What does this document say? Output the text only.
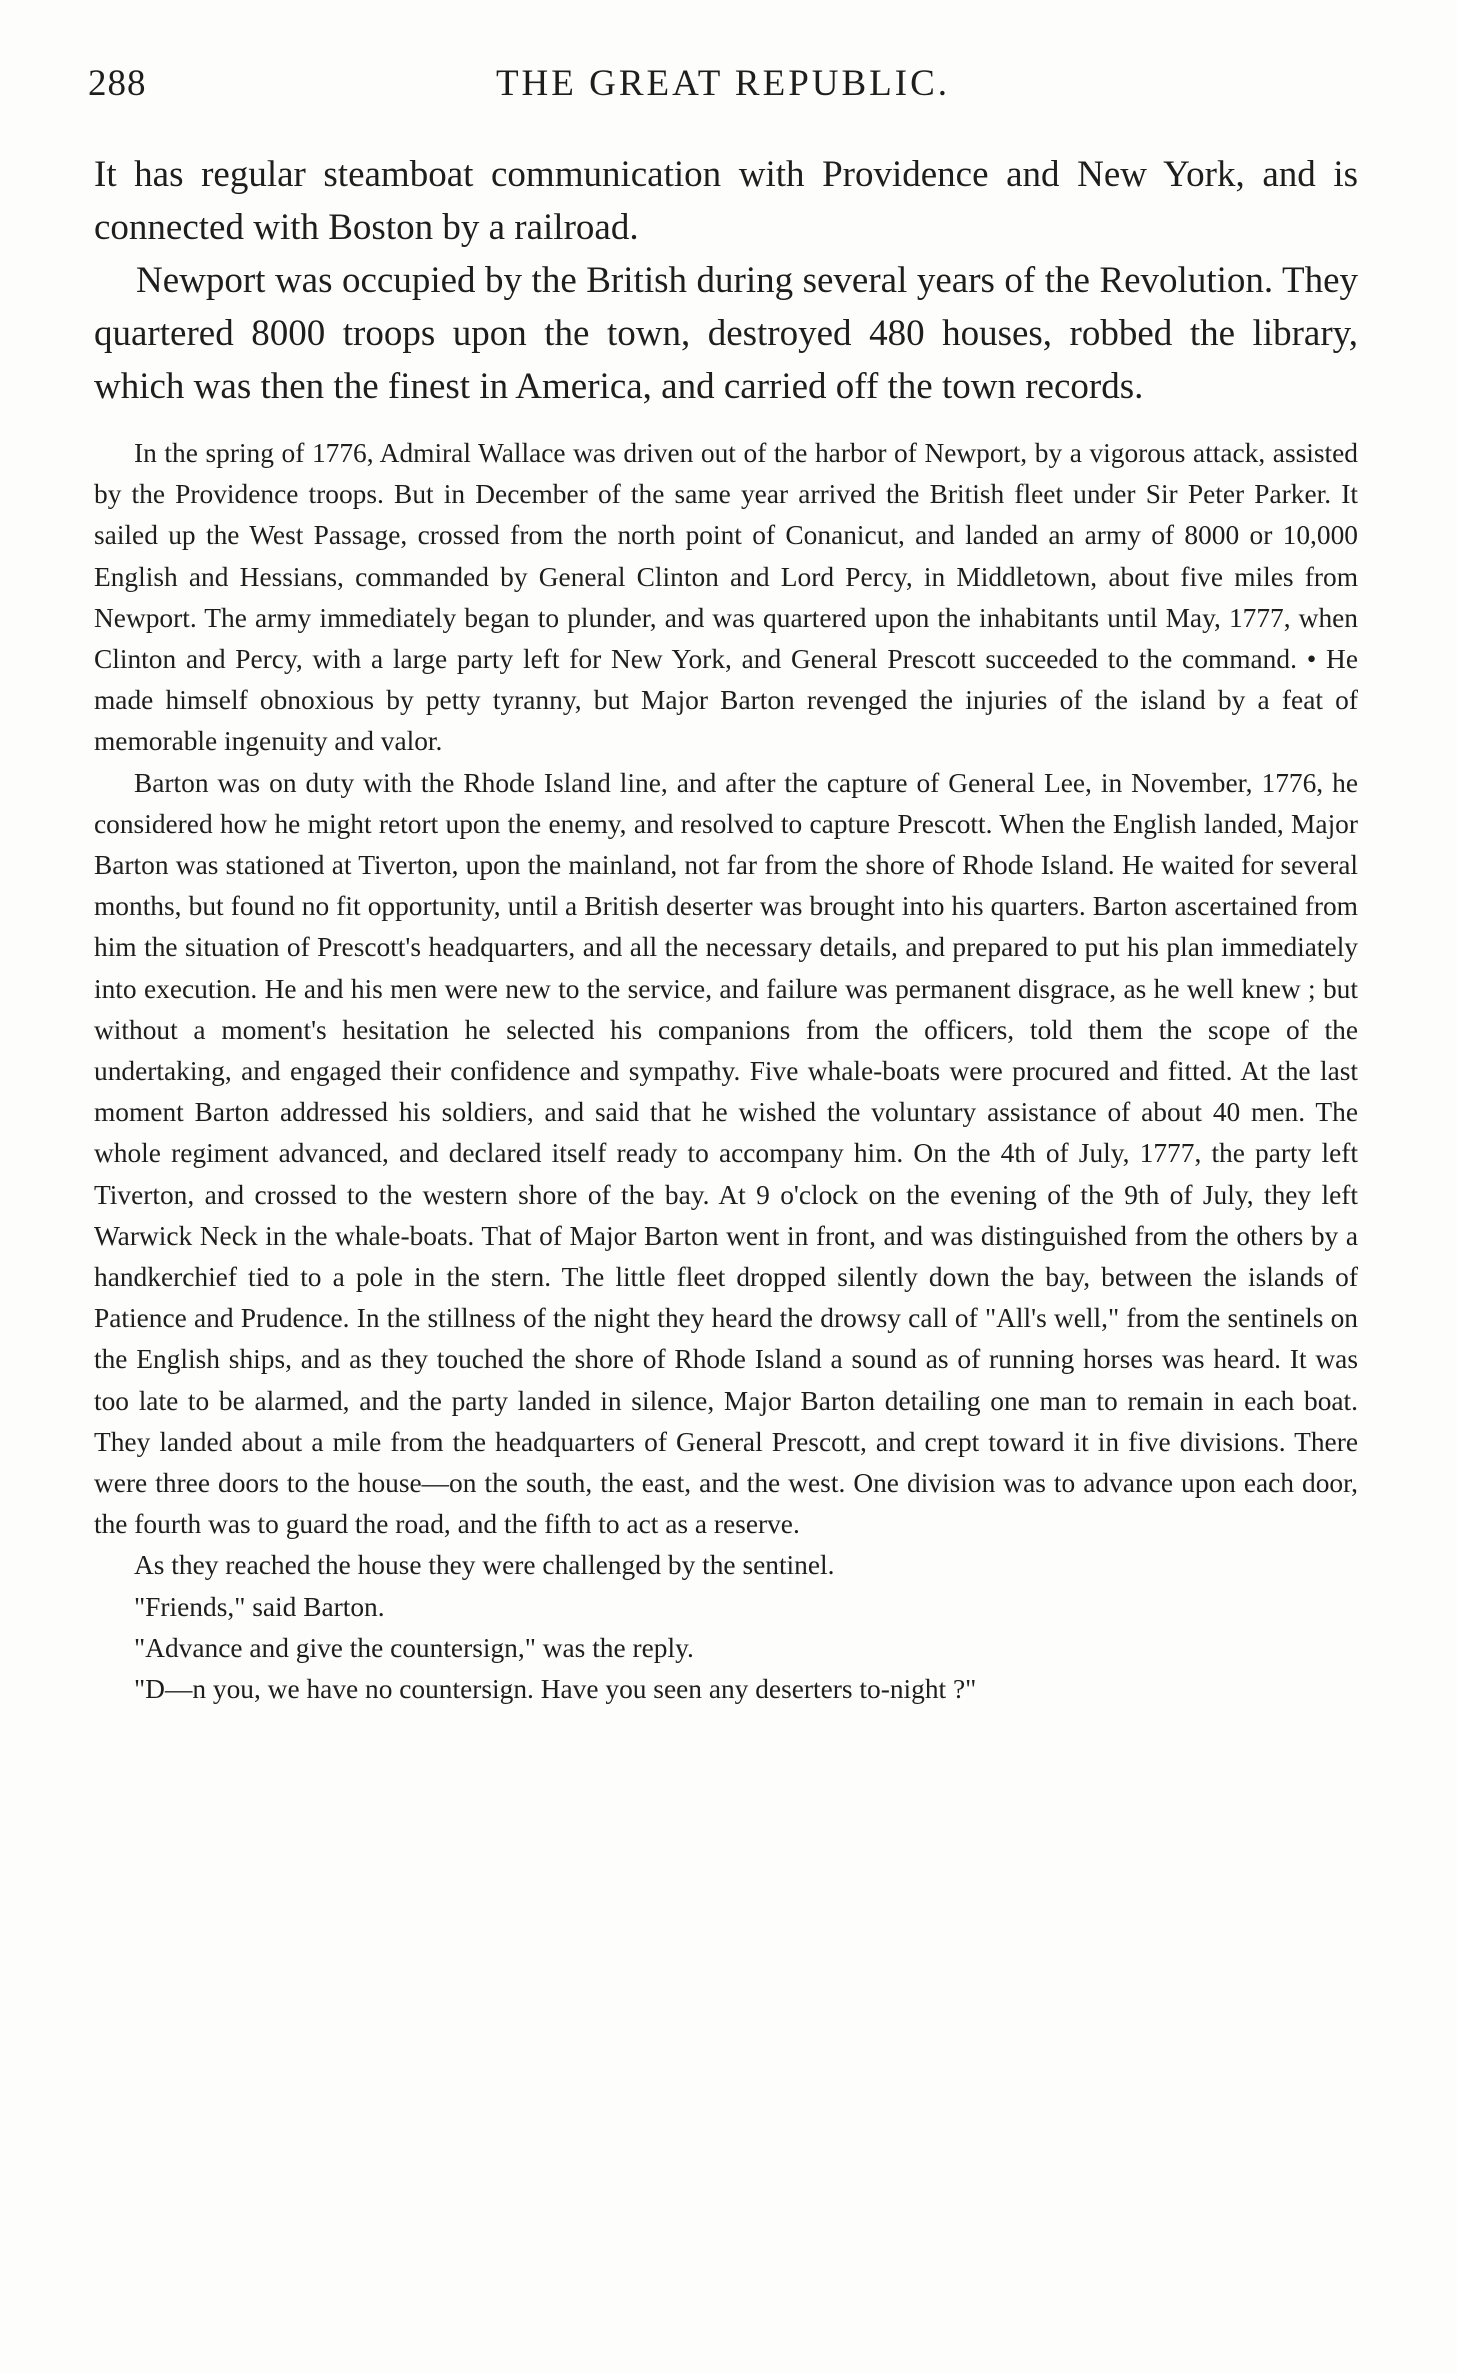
288	THE GREAT REPUBLIC.

It has regular steamboat communication with Providence and New York, and is connected with Boston by a railroad.

Newport was occupied by the British during several years of the Revolution. They quartered 8000 troops upon the town, destroyed 480 houses, robbed the library, which was then the finest in America, and carried off the town records.

In the spring of 1776, Admiral Wallace was driven out of the harbor of Newport, by a vigorous attack, assisted by the Providence troops. But in December of the same year arrived the British fleet under Sir Peter Parker. It sailed up the West Passage, crossed from the north point of Conanicut, and landed an army of 8000 or 10,000 English and Hessians, commanded by General Clinton and Lord Percy, in Middletown, about five miles from Newport. The army immediately began to plunder, and was quartered upon the inhabitants until May, 1777, when Clinton and Percy, with a large party left for New York, and General Prescott succeeded to the command. • He made himself obnoxious by petty tyranny, but Major Barton revenged the injuries of the island by a feat of memorable ingenuity and valor.

Barton was on duty with the Rhode Island line, and after the capture of General Lee, in November, 1776, he considered how he might retort upon the enemy, and resolved to capture Prescott. When the English landed, Major Barton was stationed at Tiverton, upon the mainland, not far from the shore of Rhode Island. He waited for several months, but found no fit opportunity, until a British deserter was brought into his quarters. Barton ascertained from him the situation of Prescott's headquarters, and all the necessary details, and prepared to put his plan immediately into execution. He and his men were new to the service, and failure was permanent disgrace, as he well knew ; but without a moment's hesitation he selected his companions from the officers, told them the scope of the undertaking, and engaged their confidence and sympathy. Five whale-boats were procured and fitted. At the last moment Barton addressed his soldiers, and said that he wished the voluntary assistance of about 40 men. The whole regiment advanced, and declared itself ready to accompany him. On the 4th of July, 1777, the party left Tiverton, and crossed to the western shore of the bay. At 9 o'clock on the evening of the 9th of July, they left Warwick Neck in the whale-boats. That of Major Barton went in front, and was distinguished from the others by a handkerchief tied to a pole in the stern. The little fleet dropped silently down the bay, between the islands of Patience and Prudence. In the stillness of the night they heard the drowsy call of "All's well," from the sentinels on the English ships, and as they touched the shore of Rhode Island a sound as of running horses was heard. It was too late to be alarmed, and the party landed in silence, Major Barton detailing one man to remain in each boat. They landed about a mile from the headquarters of General Prescott, and crept toward it in five divisions. There were three doors to the house—on the south, the east, and the west. One division was to advance upon each door, the fourth was to guard the road, and the fifth to act as a reserve.

As they reached the house they were challenged by the sentinel.

"Friends," said Barton.

"Advance and give the countersign," was the reply.

"D—n you, we have no countersign. Have you seen any deserters to-night ?"
